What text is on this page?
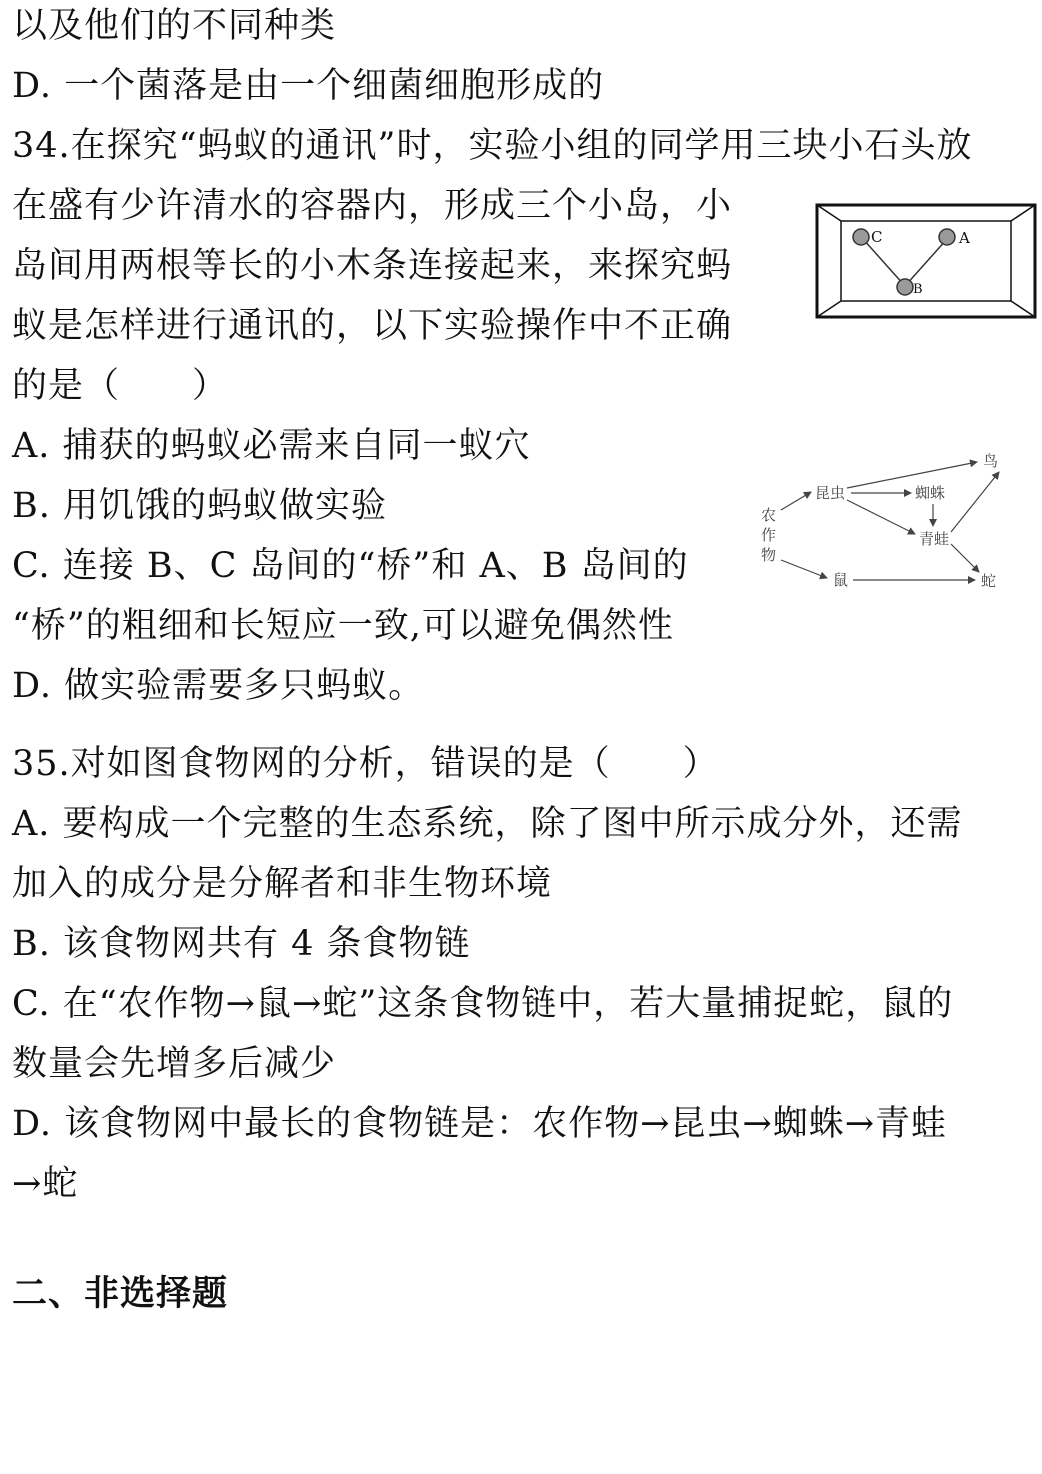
以及他们的不同种类
D. 一个菌落是由一个细菌细胞形成的
34.在探究“蚂蚁的通讯”时，实验小组的同学用三块小石头放
在盛有少许清水的容器内，形成三个小岛，小
岛间用两根等长的小木条连接起来，来探究蚂
蚁是怎样进行通讯的，以下实验操作中不正确
的是（　　）
A. 捕获的蚂蚁必需来自同一蚁穴
B. 用饥饿的蚂蚁做实验
C. 连接 B、C 岛间的“桥”和 A、B 岛间的
“桥”的粗细和长短应一致,可以避免偶然性
D. 做实验需要多只蚂蚁。
35.对如图食物网的分析，错误的是（　　）
A. 要构成一个完整的生态系统，除了图中所示成分外，还需
加入的成分是分解者和非生物环境
B. 该食物网共有 4 条食物链
C. 在“农作物→鼠→蛇”这条食物链中，若大量捕捉蛇，鼠的
数量会先增多后减少
D. 该食物网中最长的食物链是：农作物→昆虫→蜘蛛→青蛙
→蛇
二、非选择题
C	A
B
农
作
物
昆虫	蜘蛛
鸟
青蛙
鼠	蛇
